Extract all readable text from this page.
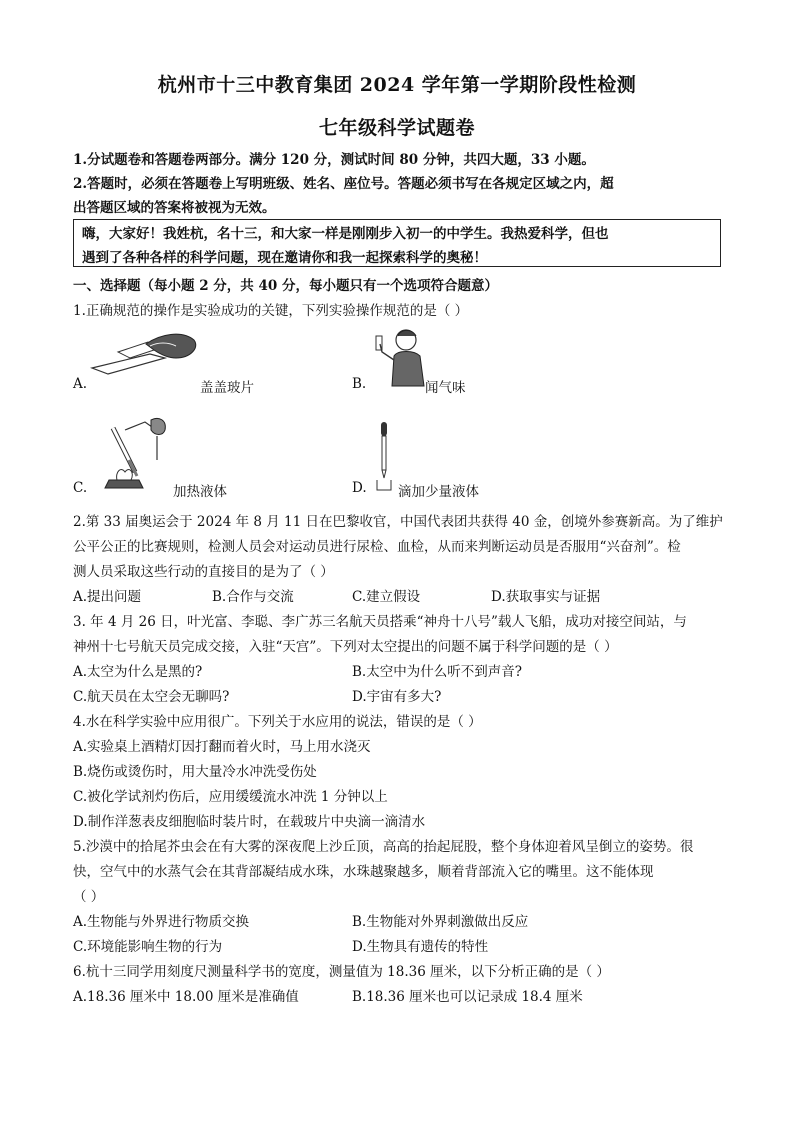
杭州市十三中教育集团 2024 学年第一学期阶段性检测
七年级科学试题卷
1.分试题卷和答题卷两部分。满分 120 分，测试时间 80 分钟，共四大题，33 小题。
2.答题时，必须在答题卷上写明班级、姓名、座位号。答题必须书写在各规定区域之内，超
出答题区域的答案将被视为无效。
嗨，大家好！我姓杭，名十三，和大家一样是刚刚步入初一的中学生。我热爱科学，但也
遇到了各种各样的科学问题，现在邀请你和我一起探索科学的奥秘！
一、选择题（每小题 2 分，共 40 分，每小题只有一个选项符合题意）
1.正确规范的操作是实验成功的关键，下列实验操作规范的是（ ）
A.	盖盖玻片	B.	闻气味
C.	加热液体	D. 滴加少量液体
2.第 33 届奥运会于 2024 年 8 月 11 日在巴黎收官，中国代表团共获得 40 金，创境外参赛新高。为了维护
公平公正的比赛规则，检测人员会对运动员进行尿检、血检，从而来判断运动员是否服用“兴奋剂”。检
测人员采取这些行动的直接目的是为了（ ）
A.提出问题	B.合作与交流	C.建立假设	D.获取事实与证据
3. 年 4 月 26 日，叶光富、李聪、李广苏三名航天员搭乘“神舟十八号”载人飞船，成功对接空间站，与
神州十七号航天员完成交接，入驻“天宫”。下列对太空提出的问题不属于科学问题的是（ ）
A.太空为什么是黑的?	B.太空中为什么听不到声音?
C.航天员在太空会无聊吗?	D.宇宙有多大?
4.水在科学实验中应用很广。下列关于水应用的说法，错误的是（ ）
A.实验桌上酒精灯因打翻而着火时，马上用水浇灭
B.烧伤或烫伤时，用大量冷水冲洗受伤处
C.被化学试剂灼伤后，应用缓缓流水冲洗 1 分钟以上
D.制作洋葱表皮细胞临时装片时，在载玻片中央滴一滴清水
5.沙漠中的拾尾芥虫会在有大雾的深夜爬上沙丘顶，高高的抬起屁股，整个身体迎着风呈倒立的姿势。很
快，空气中的水蒸气会在其背部凝结成水珠，水珠越聚越多，顺着背部流入它的嘴里。这不能体现
（ ）
A.生物能与外界进行物质交换	B.生物能对外界刺激做出反应
C.环境能影响生物的行为	D.生物具有遗传的特性
6.杭十三同学用刻度尺测量科学书的宽度，测量值为 18.36 厘米，以下分析正确的是（ ）
A.18.36 厘米中 18.00 厘米是准确值	B.18.36 厘米也可以记录成 18.4 厘米
